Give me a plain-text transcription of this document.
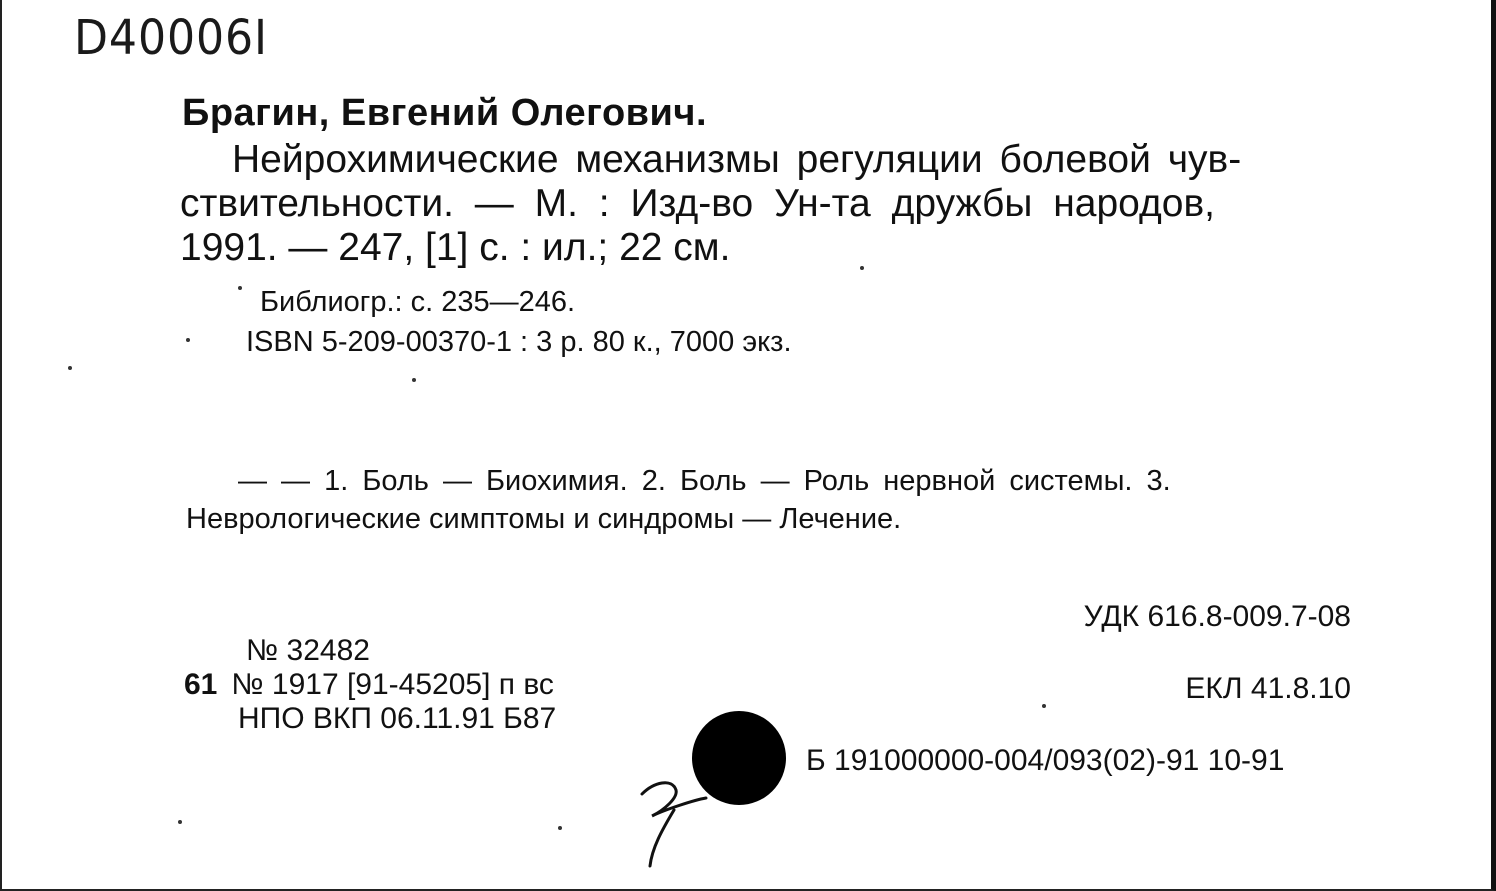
D40006I
Брагин, Евгений Олегович.
Нейрохимические механизмы регуляции болевой чув-
ствительности. — М. : Изд-во Ун-та дружбы народов,
1991. — 247, [1] с. : ил.; 22 см.
Библиогр.: с. 235—246.
ISBN 5-209-00370-1 : 3 р. 80 к., 7000 экз.
— — 1. Боль — Биохимия. 2. Боль — Роль нервной системы. 3.
Неврологические симптомы и синдромы — Лечение.
УДК 616.8-009.7-08
ЕКЛ 41.8.10
№ 32482
61 № 1917 [91-45205] п вс
НПО ВКП 06.11.91 Б87
Б 191000000-004/093(02)-91 10-91
